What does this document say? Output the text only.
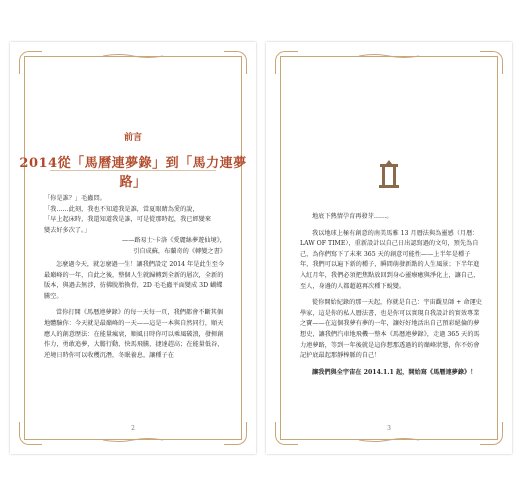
前言
2014從「馬曆連夢錄」到「馬力連夢路」

「你是誰？」毛蟲問。

「我……此刻，我也不知道我是誰，當夏眼睛為愛的說，

「早上起床時，我還知道我是誰，可是從那時起，我已經變來

變去好多次了。」

——路易士·卡洛《愛麗絲夢遊仙境》，

引自成蘇，布蘭奇的《轉變之書》

怎麼過今天，就怎麼過一生！讓我們設定 2014 年是此生至今最巔峰的一年，自此之後，整個人生就歸轉到全新的層次，全新的版本，與過去無涉，彷佛脫胎換骨，2D 毛毛蟲平面變成 3D 蝴蝶騰空。

當你打開《馬曆連夢錄》的每一天每一頁，我們都會不斷其個地體驗你：今天就是最巔峰的一天——這是一本與自然同行，順天應人的創意歷法：在能量瘋衰，順風日時你可以乘風破浪，發揮創作力，勇敢追夢，大膽行動、快馬飛騰，捷達趕高；在能量低谷，逆境日時你可以收穫沉潛，冬眠養息，讓種子在

2

地底下熱情孕育再發芽……。

我以地球上極有創意的南美馬雅 13 月曆法與為靈感（月曆：LAW OF TIME），重新設計以自己日出認寫過的文句，預先為自己，為你們寫下了未來 365 天的創意可能性——上半年是種子年，我們可以遍下新的種子，瞬間萌發新點的人生風景；下半年進入紅月年，我們必須把焦點放回到身心靈療癒與淨化上，讓自己，至人，身邊的人都超越再次種下蛻變。

從你開始紀錄的那一天起，你就是自己：宇宙觀星師 + 命運史學家，這是你的私人曆法書，也是你可以實現自我設計的實效專業之寶——在這個我夢有夢的一年，讓好好地活出自己預彩絕倫的夢想史，讓我們汽車地飛機一整本《馬曆連夢錄》，走過 365 天的馬力連夢路，等到一年後就是這你想那透過的的巔峰狀態，你不妨會記护底最起那靜棒脈的自己！

讓我們與全宇宙在 2014.1.1 起，開始寫《馬曆連夢錄》！

3
